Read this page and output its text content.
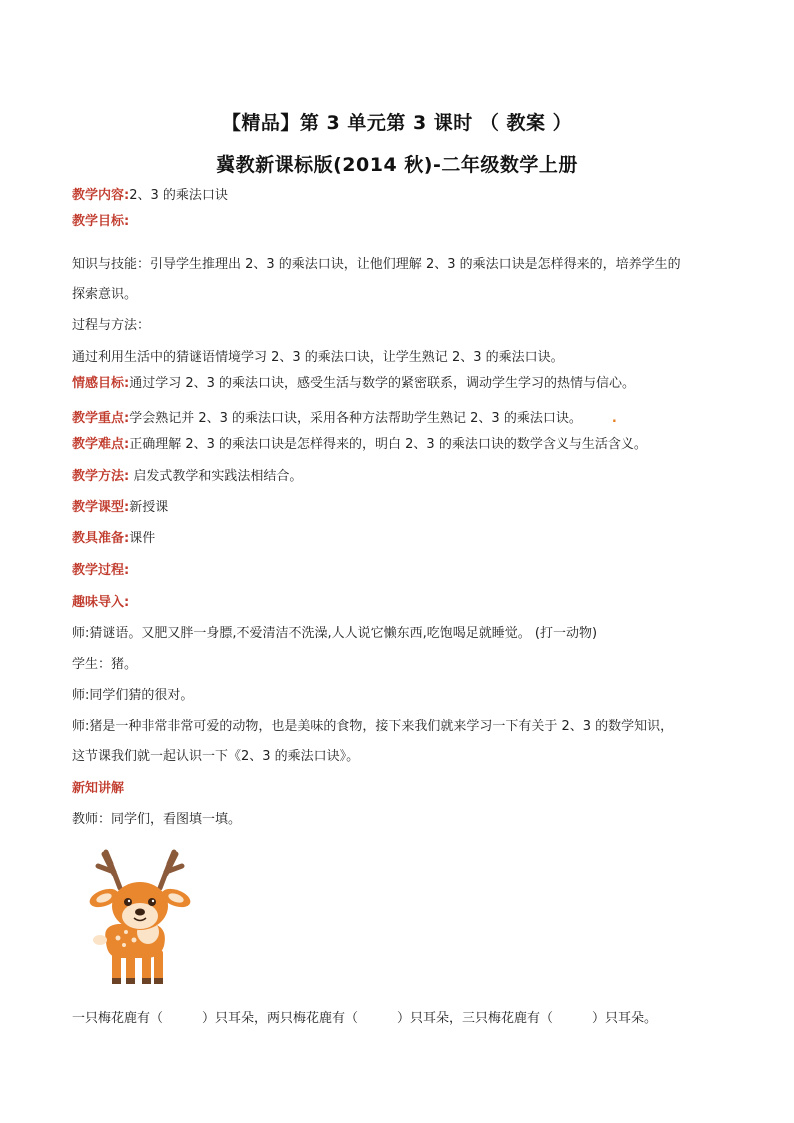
【精品】第 3 单元第 3 课时 （ 教案 ）
冀教新课标版(2014 秋)-二年级数学上册
教学内容:2、3 的乘法口诀
教学目标:
知识与技能：引导学生推理出 2、3 的乘法口诀，让他们理解 2、3 的乘法口诀是怎样得来的，培养学生的
探索意识。
过程与方法：
通过利用生活中的猜谜语情境学习 2、3 的乘法口诀，让学生熟记 2、3 的乘法口诀。
情感目标:通过学习 2、3 的乘法口诀，感受生活与数学的紧密联系，调动学生学习的热情与信心。
教学重点:学会熟记并 2、3 的乘法口诀，采用各种方法帮助学生熟记 2、3 的乘法口诀。 .
教学难点:正确理解 2、3 的乘法口诀是怎样得来的，明白 2、3 的乘法口诀的数学含义与生活含义。
教学方法: 启发式教学和实践法相结合。
教学课型:新授课
教具准备:课件
教学过程:
趣味导入:
师:猜谜语。又肥又胖一身膘,不爱清洁不洗澡,人人说它懒东西,吃饱喝足就睡觉。 (打一动物)
学生：猪。
师:同学们猜的很对。
师:猪是一种非常非常可爱的动物，也是美味的食物，接下来我们就来学习一下有关于 2、3 的数学知识，
这节课我们就一起认识一下《2、3 的乘法口诀》。
新知讲解
教师：同学们，看图填一填。
一只梅花鹿有（　　　）只耳朵，两只梅花鹿有（　　　）只耳朵，三只梅花鹿有（　　　）只耳朵。
